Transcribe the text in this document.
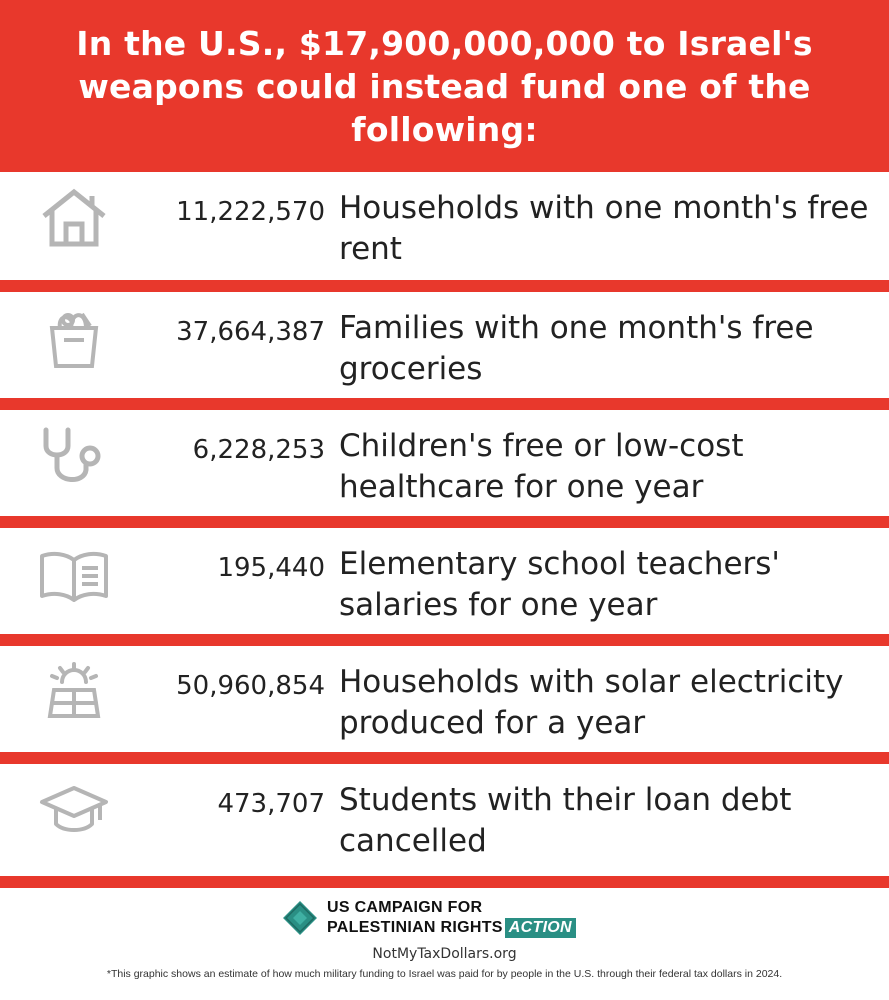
In the U.S., $17,900,000,000 to Israel's weapons could instead fund one of the following:
11,222,570 Households with one month's free rent
37,664,387 Families with one month's free groceries
6,228,253 Children's free or low-cost healthcare for one year
195,440 Elementary school teachers' salaries for one year
50,960,854 Households with solar electricity produced for a year
473,707 Students with their loan debt cancelled
US CAMPAIGN FOR
PALESTINIAN RIGHTS ACTION
NotMyTaxDollars.org
*This graphic shows an estimate of how much military funding to Israel was paid for by people in the U.S. through their federal tax dollars in 2024.
